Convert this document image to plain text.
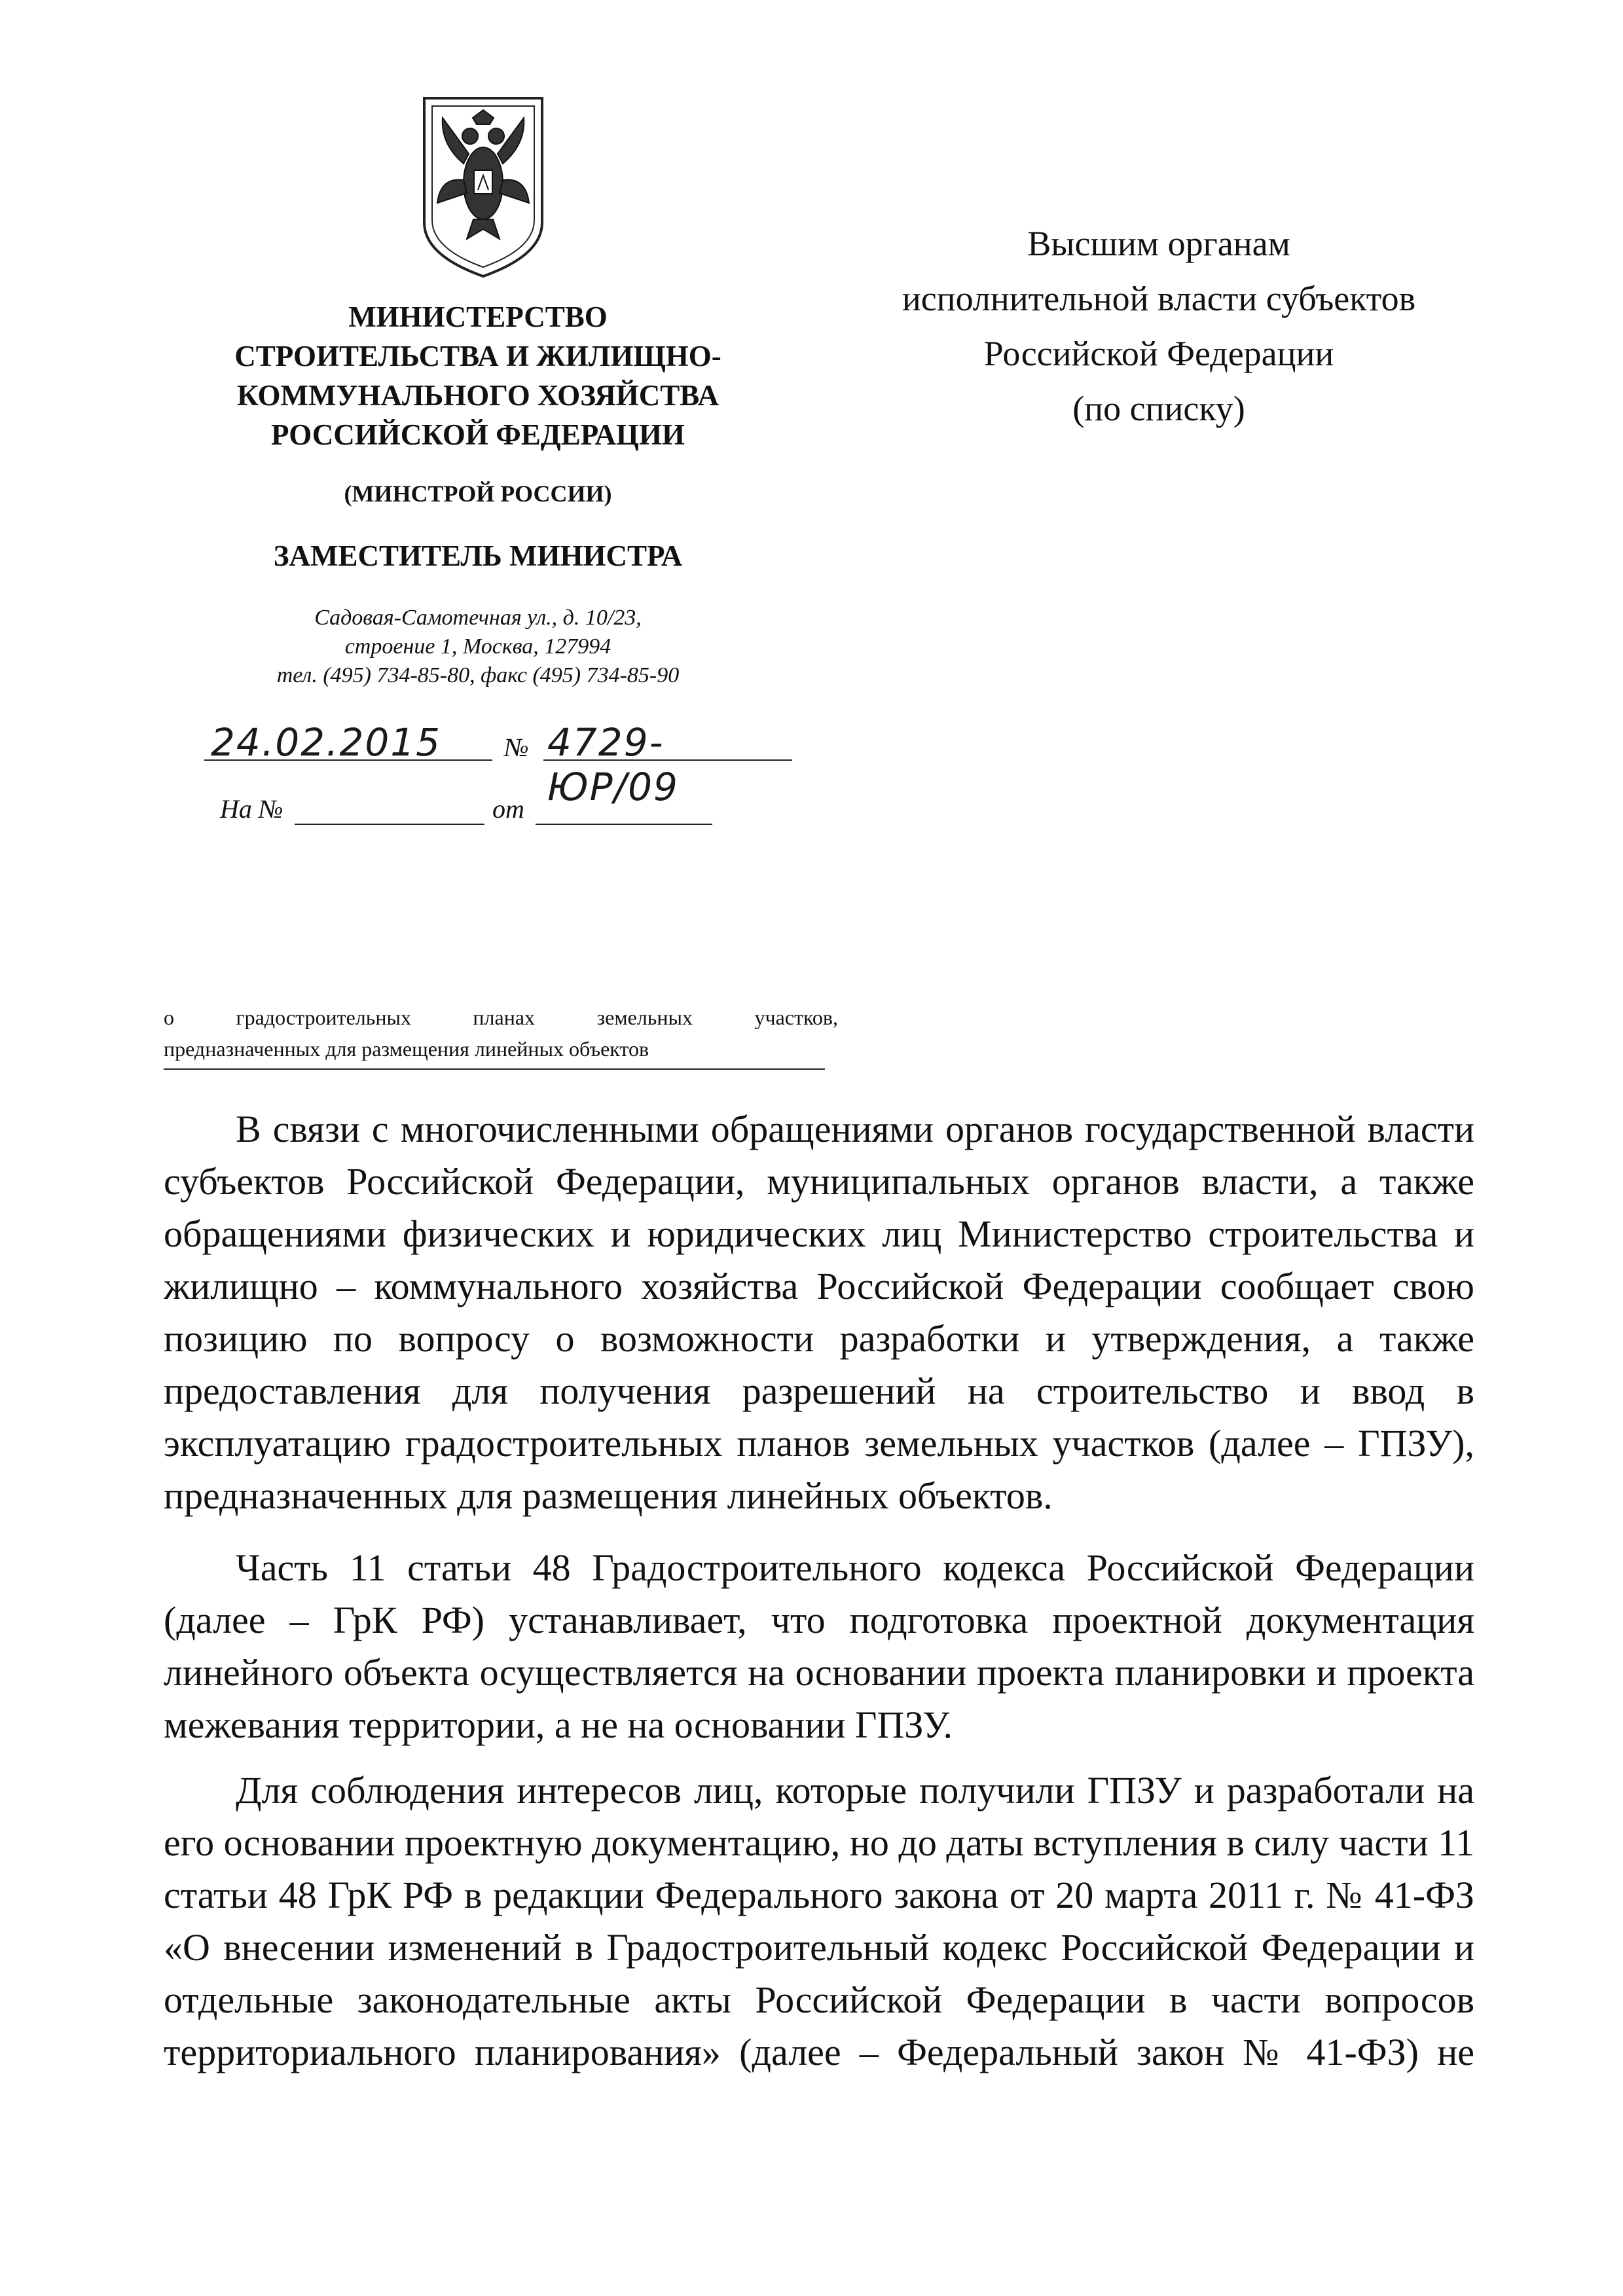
МИНИСТЕРСТВО
СТРОИТЕЛЬСТВА И ЖИЛИЩНО-
КОММУНАЛЬНОГО ХОЗЯЙСТВА
РОССИЙСКОЙ ФЕДЕРАЦИИ
(МИНСТРОЙ РОССИИ)
ЗАМЕСТИТЕЛЬ МИНИСТРА
Садовая-Самотечная ул., д. 10/23,
строение 1, Москва, 127994
тел. (495) 734-85-80, факс (495) 734-85-90
24.02.2015 № 4729-ЮР/09
На №	от
Высшим органам
исполнительной власти субъектов
Российской Федерации
(по списку)
о градостроительных планах земельных участков,
предназначенных для размещения линейных объектов
В связи с многочисленными обращениями органов государственной власти
субъектов Российской Федерации, муниципальных органов власти, а также
обращениями физических и юридических лиц Министерство строительства и
жилищно – коммунального хозяйства Российской Федерации сообщает свою
позицию по вопросу о возможности разработки и утверждения, а также
предоставления для получения разрешений на строительство и ввод в
эксплуатацию градостроительных планов земельных участков (далее – ГПЗУ),
предназначенных для размещения линейных объектов.
Часть 11 статьи 48 Градостроительного кодекса Российской Федерации
(далее – ГрК РФ) устанавливает, что подготовка проектной документация
линейного объекта осуществляется на основании проекта планировки и проекта
межевания территории, а не на основании ГПЗУ.
Для соблюдения интересов лиц, которые получили ГПЗУ и разработали на
его основании проектную документацию, но до даты вступления в силу части 11
статьи 48 ГрК РФ в редакции Федерального закона от 20 марта 2011 г. № 41-ФЗ
«О внесении изменений в Градостроительный кодекс Российской Федерации и
отдельные законодательные акты Российской Федерации в части вопросов
территориального планирования» (далее – Федеральный закон № 41-ФЗ) не
